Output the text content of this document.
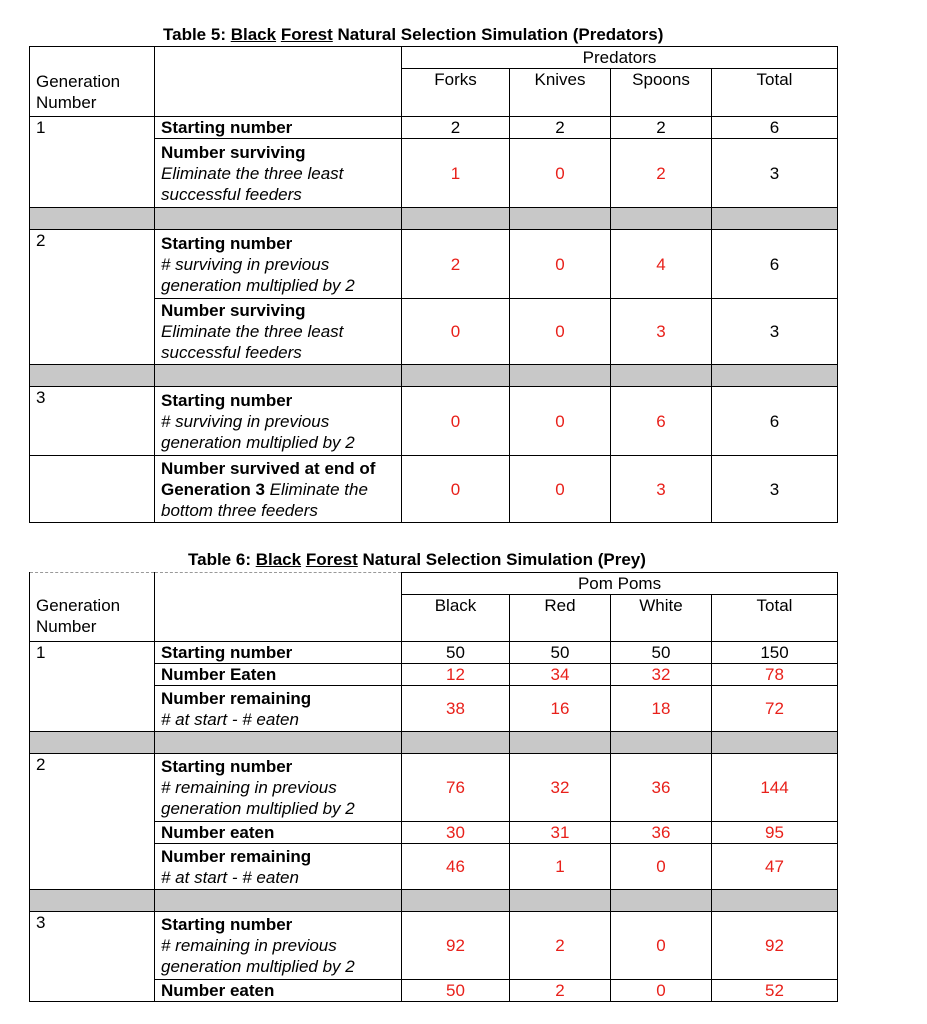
Table 5: Black Forest Natural Selection Simulation (Predators)
Generation Number		Predators			
		Forks	Knives	Spoons	Total
1	Starting number	2	2	2	6

	Number surviving
Eliminate the three least successful feeders	1	0	2	3

2	Starting number
# surviving in previous generation multiplied by 2	2	0	4	6

	Number surviving
Eliminate the three least successful feeders	0	0	3	3

3	Starting number
# surviving in previous generation multiplied by 2	0	0	6	6
	Number survived at end of Generation 3 Eliminate the bottom three feeders	0	0	3	3
Table 6: Black Forest Natural Selection Simulation (Prey)
Generation Number		Pom Poms			
		Black	Red	White	Total
1	Starting number	50	50	50	150

	Number Eaten	12	34	32	78

	Number remaining
# at start - # eaten	38	16	18	72

2	Starting number
# remaining in previous generation multiplied by 2	76	32	36	144

	Number eaten	30	31	36	95

	Number remaining
# at start - # eaten	46	1	0	47

3	Starting number
# remaining in previous generation multiplied by 2	92	2	0	92

	Number eaten	50	2	0	52
